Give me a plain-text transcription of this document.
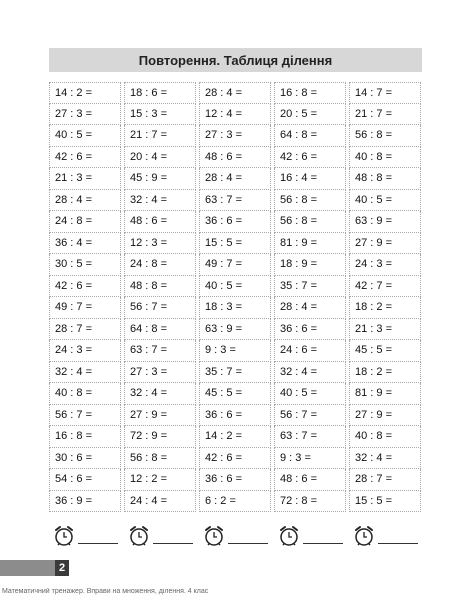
Повторення. Таблиця ділення
14 : 2 =
27 : 3 =
40 : 5 =
42 : 6 =
21 : 3 =
28 : 4 =
24 : 8 =
36 : 4 =
30 : 5 =
42 : 6 =
49 : 7 =
28 : 7 =
24 : 3 =
32 : 4 =
40 : 8 =
56 : 7 =
16 : 8 =
30 : 6 =
54 : 6 =
36 : 9 =
18 : 6 =
15 : 3 =
21 : 7 =
20 : 4 =
45 : 9 =
32 : 4 =
48 : 6 =
12 : 3 =
24 : 8 =
48 : 8 =
56 : 7 =
64 : 8 =
63 : 7 =
27 : 3 =
32 : 4 =
27 : 9 =
72 : 9 =
56 : 8 =
12 : 2 =
24 : 4 =
28 : 4 =
12 : 4 =
27 : 3 =
48 : 6 =
28 : 4 =
63 : 7 =
36 : 6 =
15 : 5 =
49 : 7 =
40 : 5 =
18 : 3 =
63 : 9 =
9 : 3 =
35 : 7 =
45 : 5 =
36 : 6 =
14 : 2 =
42 : 6 =
36 : 6 =
6 : 2 =
16 : 8 =
20 : 5 =
64 : 8 =
42 : 6 =
16 : 4 =
56 : 8 =
56 : 8 =
81 : 9 =
18 : 9 =
35 : 7 =
28 : 4 =
36 : 6 =
24 : 6 =
32 : 4 =
40 : 5 =
56 : 7 =
63 : 7 =
9 : 3 =
48 : 6 =
72 : 8 =
14 : 7 =
21 : 7 =
56 : 8 =
40 : 8 =
48 : 8 =
40 : 5 =
63 : 9 =
27 : 9 =
24 : 3 =
42 : 7 =
18 : 2 =
21 : 3 =
45 : 5 =
18 : 2 =
81 : 9 =
27 : 9 =
40 : 8 =
32 : 4 =
28 : 7 =
15 : 5 =
2
Математичний тренажер. Вправи на множення, ділення. 4 клас
